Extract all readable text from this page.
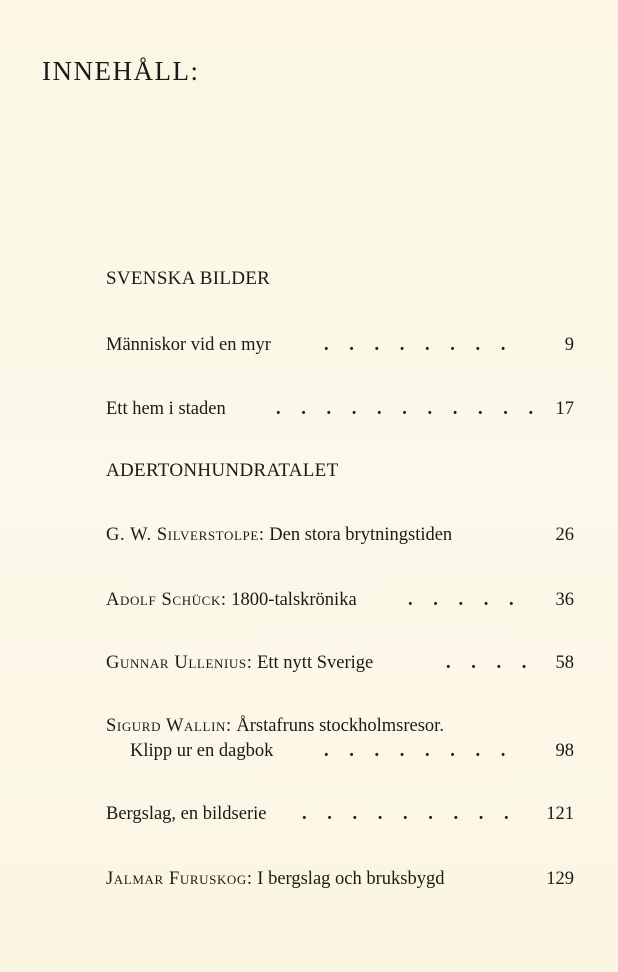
INNEHÅLL:
SVENSKA BILDER
Människor vid en myr	. . . . . . . .	9
Ett hem i staden	. . . . . . . . . . . 17
ADERTONHUNDRATALET
G. W. Silverstolpe: Den stora brytningstiden	26
Adolf Schück: 1800-talskrönika	. . . . . 36
Gunnar Ullenius: Ett nytt Sverige	. . . . 58
Sigurd Wallin: Årstafruns stockholmsresor.
Klipp ur en dagbok	. . . . . . . . 98
Bergslag, en bildserie . . . . . . . . . 121
Jalmar Furuskog: I bergslag och bruksbygd	129
